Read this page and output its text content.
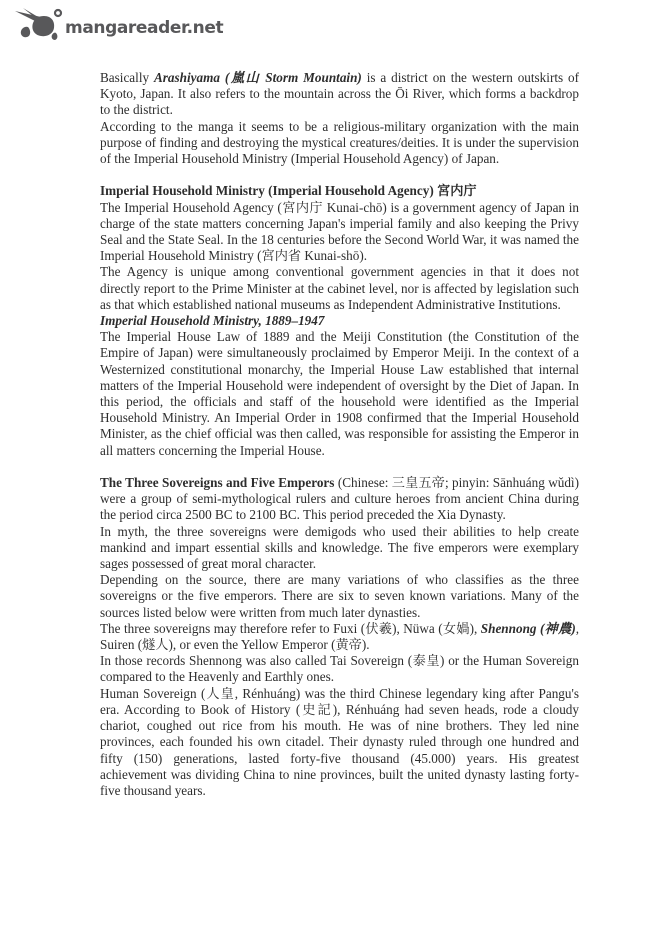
mangareader.net

Basically Arashiyama (嵐山 Storm Mountain) is a district on the western outskirts of Kyoto, Japan. It also refers to the mountain across the Ōi River, which forms a backdrop to the district.

According to the manga it seems to be a religious-military organization with the main purpose of finding and destroying the mystical creatures/deities. It is under the supervision of the Imperial Household Ministry (Imperial Household Agency) of Japan.

Imperial Household Ministry (Imperial Household Agency) 宮内庁

The Imperial Household Agency (宮内庁 Kunai-chō) is a government agency of Japan in charge of the state matters concerning Japan's imperial family and also keeping the Privy Seal and the State Seal. In the 18 centuries before the Second World War, it was named the Imperial Household Ministry (宮内省 Kunai-shō).

The Agency is unique among conventional government agencies in that it does not directly report to the Prime Minister at the cabinet level, nor is affected by legislation such as that which established national museums as Independent Administrative Institutions.

Imperial Household Ministry, 1889–1947

The Imperial House Law of 1889 and the Meiji Constitution (the Constitution of the Empire of Japan) were simultaneously proclaimed by Emperor Meiji. In the context of a Westernized constitutional monarchy, the Imperial House Law established that internal matters of the Imperial Household were independent of oversight by the Diet of Japan. In this period, the officials and staff of the household were identified as the Imperial Household Ministry. An Imperial Order in 1908 confirmed that the Imperial Household Minister, as the chief official was then called, was responsible for assisting the Emperor in all matters concerning the Imperial House.

The Three Sovereigns and Five Emperors (Chinese: 三皇五帝; pinyin: Sānhuáng wǔdì) were a group of semi-mythological rulers and culture heroes from ancient China during the period circa 2500 BC to 2100 BC. This period preceded the Xia Dynasty.

In myth, the three sovereigns were demigods who used their abilities to help create mankind and impart essential skills and knowledge. The five emperors were exemplary sages possessed of great moral character.

Depending on the source, there are many variations of who classifies as the three sovereigns or the five emperors. There are six to seven known variations. Many of the sources listed below were written from much later dynasties.

The three sovereigns may therefore refer to Fuxi (伏羲), Nüwa (女媧), Shennong (神農), Suiren (燧人), or even the Yellow Emperor (黄帝).

In those records Shennong was also called Tai Sovereign (泰皇) or the Human Sovereign compared to the Heavenly and Earthly ones.

Human Sovereign (人皇, Rénhuáng) was the third Chinese legendary king after Pangu's era. According to Book of History (史記), Rénhuáng had seven heads, rode a cloudy chariot, coughed out rice from his mouth. He was of nine brothers. They led nine provinces, each founded his own citadel. Their dynasty ruled through one hundred and fifty (150) generations, lasted forty-five thousand (45.000) years. His greatest achievement was dividing China to nine provinces, built the united dynasty lasting forty-five thousand years.
